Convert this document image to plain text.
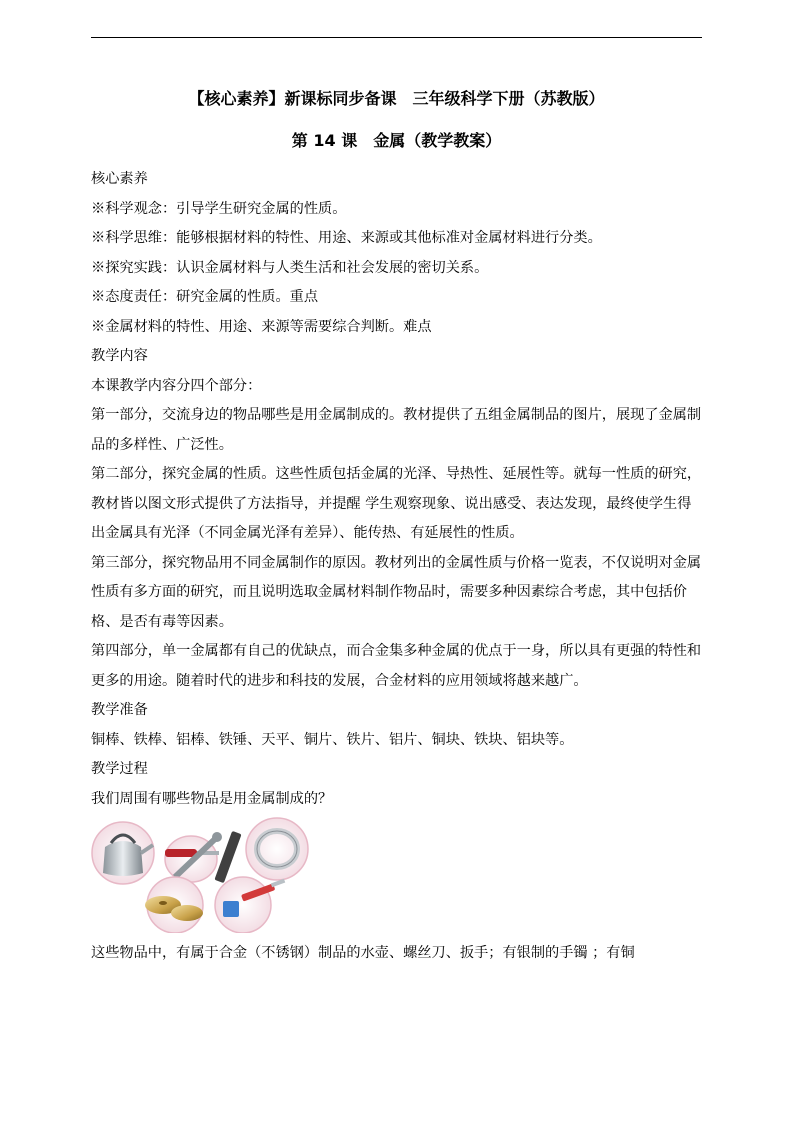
【核心素养】新课标同步备课　三年级科学下册（苏教版）
第 14 课　金属（教学教案）

核心素养

※科学观念：引导学生研究金属的性质。

※科学思维：能够根据材料的特性、用途、来源或其他标准对金属材料进行分类。

※探究实践：认识金属材料与人类生活和社会发展的密切关系。

※态度责任：研究金属的性质。重点

※金属材料的特性、用途、来源等需要综合判断。难点

教学内容

本课教学内容分四个部分：

第一部分，交流身边的物品哪些是用金属制成的。教材提供了五组金属制品的图片，展现了金属制品的多样性、广泛性。

第二部分，探究金属的性质。这些性质包括金属的光泽、导热性、延展性等。就每一性质的研究，教材皆以图文形式提供了方法指导，并提醒 学生观察现象、说出感受、表达发现，最终使学生得出金属具有光泽（不同金属光泽有差异）、能传热、有延展性的性质。

第三部分，探究物品用不同金属制作的原因。教材列出的金属性质与价格一览表，不仅说明对金属性质有多方面的研究，而且说明选取金属材料制作物品时，需要多种因素综合考虑，其中包括价格、是否有毒等因素。

第四部分，单一金属都有自己的优缺点，而合金集多种金属的优点于一身，所以具有更强的特性和更多的用途。随着时代的进步和科技的发展，合金材料的应用领域将越来越广。

教学准备

铜棒、铁棒、铝棒、铁锤、天平、铜片、铁片、铝片、铜块、铁块、铝块等。

教学过程

我们周围有哪些物品是用金属制成的？

这些物品中，有属于合金（不锈钢）制品的水壶、螺丝刀、扳手；有银制的手镯 ；有铜
